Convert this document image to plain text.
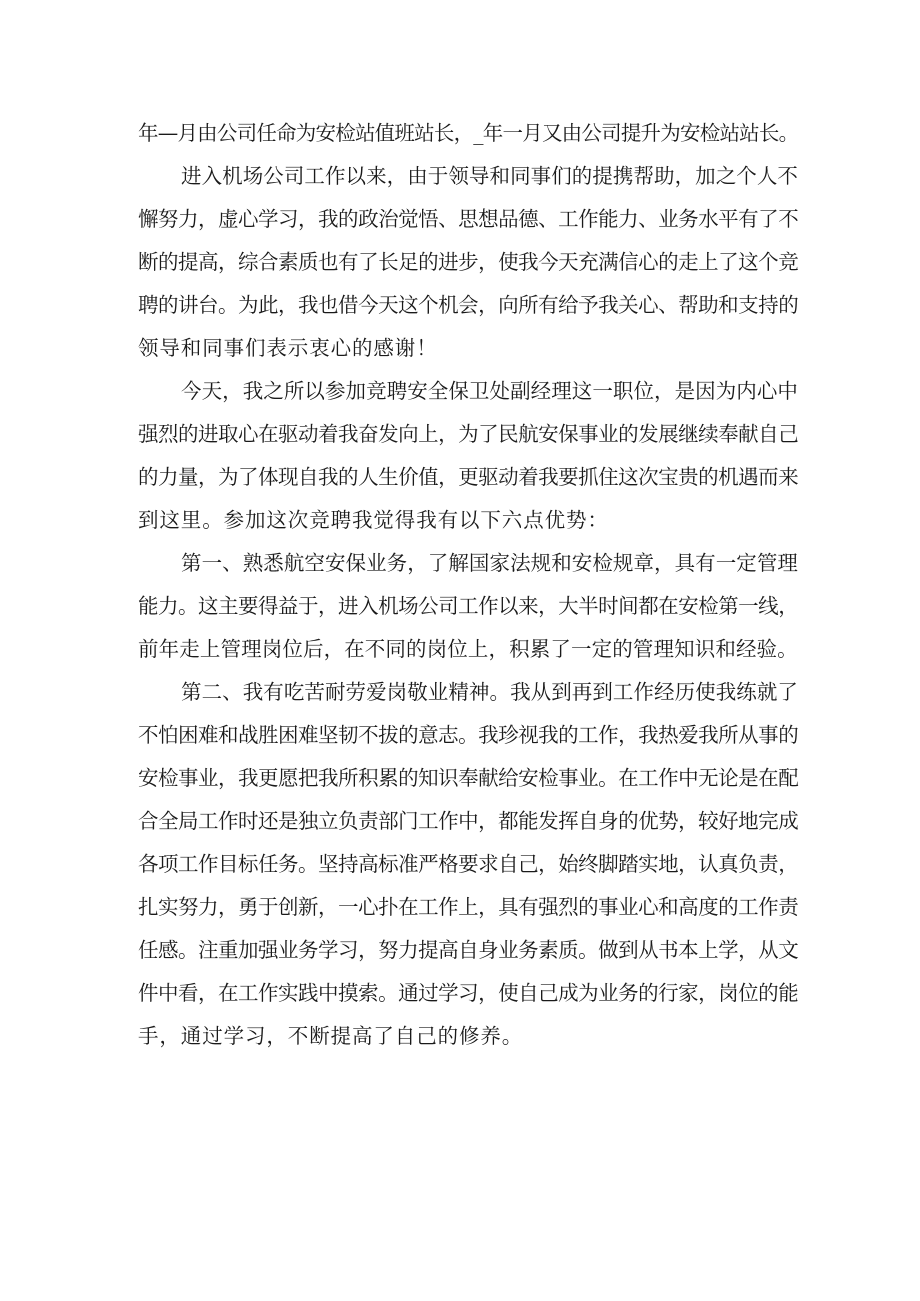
年—月由公司任命为安检站值班站长，_年一月又由公司提升为安检站站长。
进入机场公司工作以来，由于领导和同事们的提携帮助，加之个人不
懈努力，虚心学习，我的政治觉悟、思想品德、工作能力、业务水平有了不
断的提高，综合素质也有了长足的进步，使我今天充满信心的走上了这个竞
聘的讲台。为此，我也借今天这个机会，向所有给予我关心、帮助和支持的
领导和同事们表示衷心的感谢！
今天，我之所以参加竞聘安全保卫处副经理这一职位，是因为内心中
强烈的进取心在驱动着我奋发向上，为了民航安保事业的发展继续奉献自己
的力量，为了体现自我的人生价值，更驱动着我要抓住这次宝贵的机遇而来
到这里。参加这次竞聘我觉得我有以下六点优势：
第一、熟悉航空安保业务，了解国家法规和安检规章，具有一定管理
能力。这主要得益于，进入机场公司工作以来，大半时间都在安检第一线，
前年走上管理岗位后，在不同的岗位上，积累了一定的管理知识和经验。
第二、我有吃苦耐劳爱岗敬业精神。我从到再到工作经历使我练就了
不怕困难和战胜困难坚韧不拔的意志。我珍视我的工作，我热爱我所从事的
安检事业，我更愿把我所积累的知识奉献给安检事业。在工作中无论是在配
合全局工作时还是独立负责部门工作中，都能发挥自身的优势，较好地完成
各项工作目标任务。坚持高标准严格要求自己，始终脚踏实地，认真负责，
扎实努力，勇于创新，一心扑在工作上，具有强烈的事业心和高度的工作责
任感。注重加强业务学习，努力提高自身业务素质。做到从书本上学，从文
件中看，在工作实践中摸索。通过学习，使自己成为业务的行家，岗位的能
手，通过学习，不断提高了自己的修养。
